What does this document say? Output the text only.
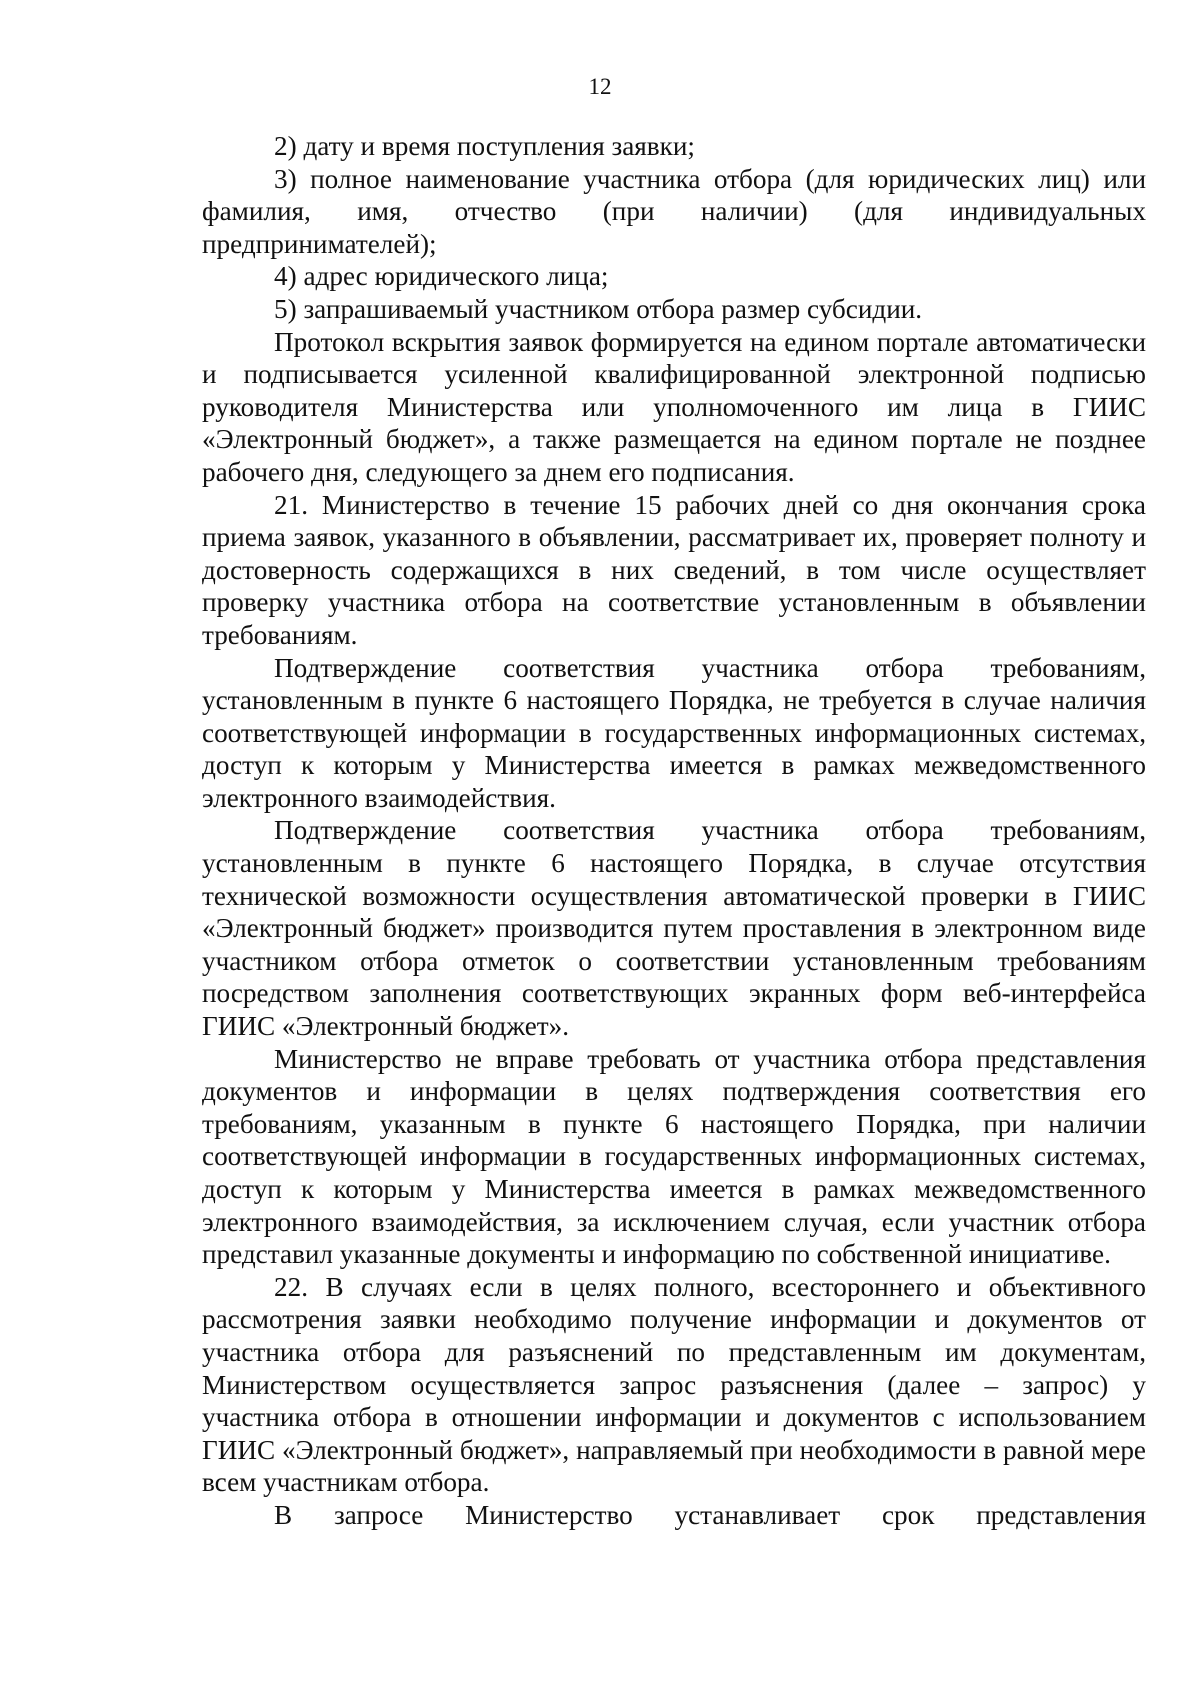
12

2) дату и время поступления заявки;

3) полное наименование участника отбора (для юридических лиц) или фамилия, имя, отчество (при наличии) (для индивидуальных предпринимателей);

4) адрес юридического лица;

5) запрашиваемый участником отбора размер субсидии.

Протокол вскрытия заявок формируется на едином портале автоматически и подписывается усиленной квалифицированной электронной подписью руководителя Министерства или уполномоченного им лица в ГИИС «Электронный бюджет», а также размещается на едином портале не позднее рабочего дня, следующего за днем его подписания.

21. Министерство в течение 15 рабочих дней со дня окончания срока приема заявок, указанного в объявлении, рассматривает их, проверяет полноту и достоверность содержащихся в них сведений, в том числе осуществляет проверку участника отбора на соответствие установленным в объявлении требованиям.

Подтверждение соответствия участника отбора требованиям, установленным в пункте 6 настоящего Порядка, не требуется в случае наличия соответствующей информации в государственных информационных системах, доступ к которым у Министерства имеется в рамках межведомственного электронного взаимодействия.

Подтверждение соответствия участника отбора требованиям, установленным в пункте 6 настоящего Порядка, в случае отсутствия технической возможности осуществления автоматической проверки в ГИИС «Электронный бюджет» производится путем проставления в электронном виде участником отбора отметок о соответствии установленным требованиям посредством заполнения соответствующих экранных форм веб-интерфейса ГИИС «Электронный бюджет».

Министерство не вправе требовать от участника отбора представления документов и информации в целях подтверждения соответствия его требованиям, указанным в пункте 6 настоящего Порядка, при наличии соответствующей информации в государственных информационных системах, доступ к которым у Министерства имеется в рамках межведомственного электронного взаимодействия, за исключением случая, если участник отбора представил указанные документы и информацию по собственной инициативе.

22. В случаях если в целях полного, всестороннего и объективного рассмотрения заявки необходимо получение информации и документов от участника отбора для разъяснений по представленным им документам, Министерством осуществляется запрос разъяснения (далее – запрос) у участника отбора в отношении информации и документов с использованием ГИИС «Электронный бюджет», направляемый при необходимости в равной мере всем участникам отбора.

В запросе Министерство устанавливает срок представления
